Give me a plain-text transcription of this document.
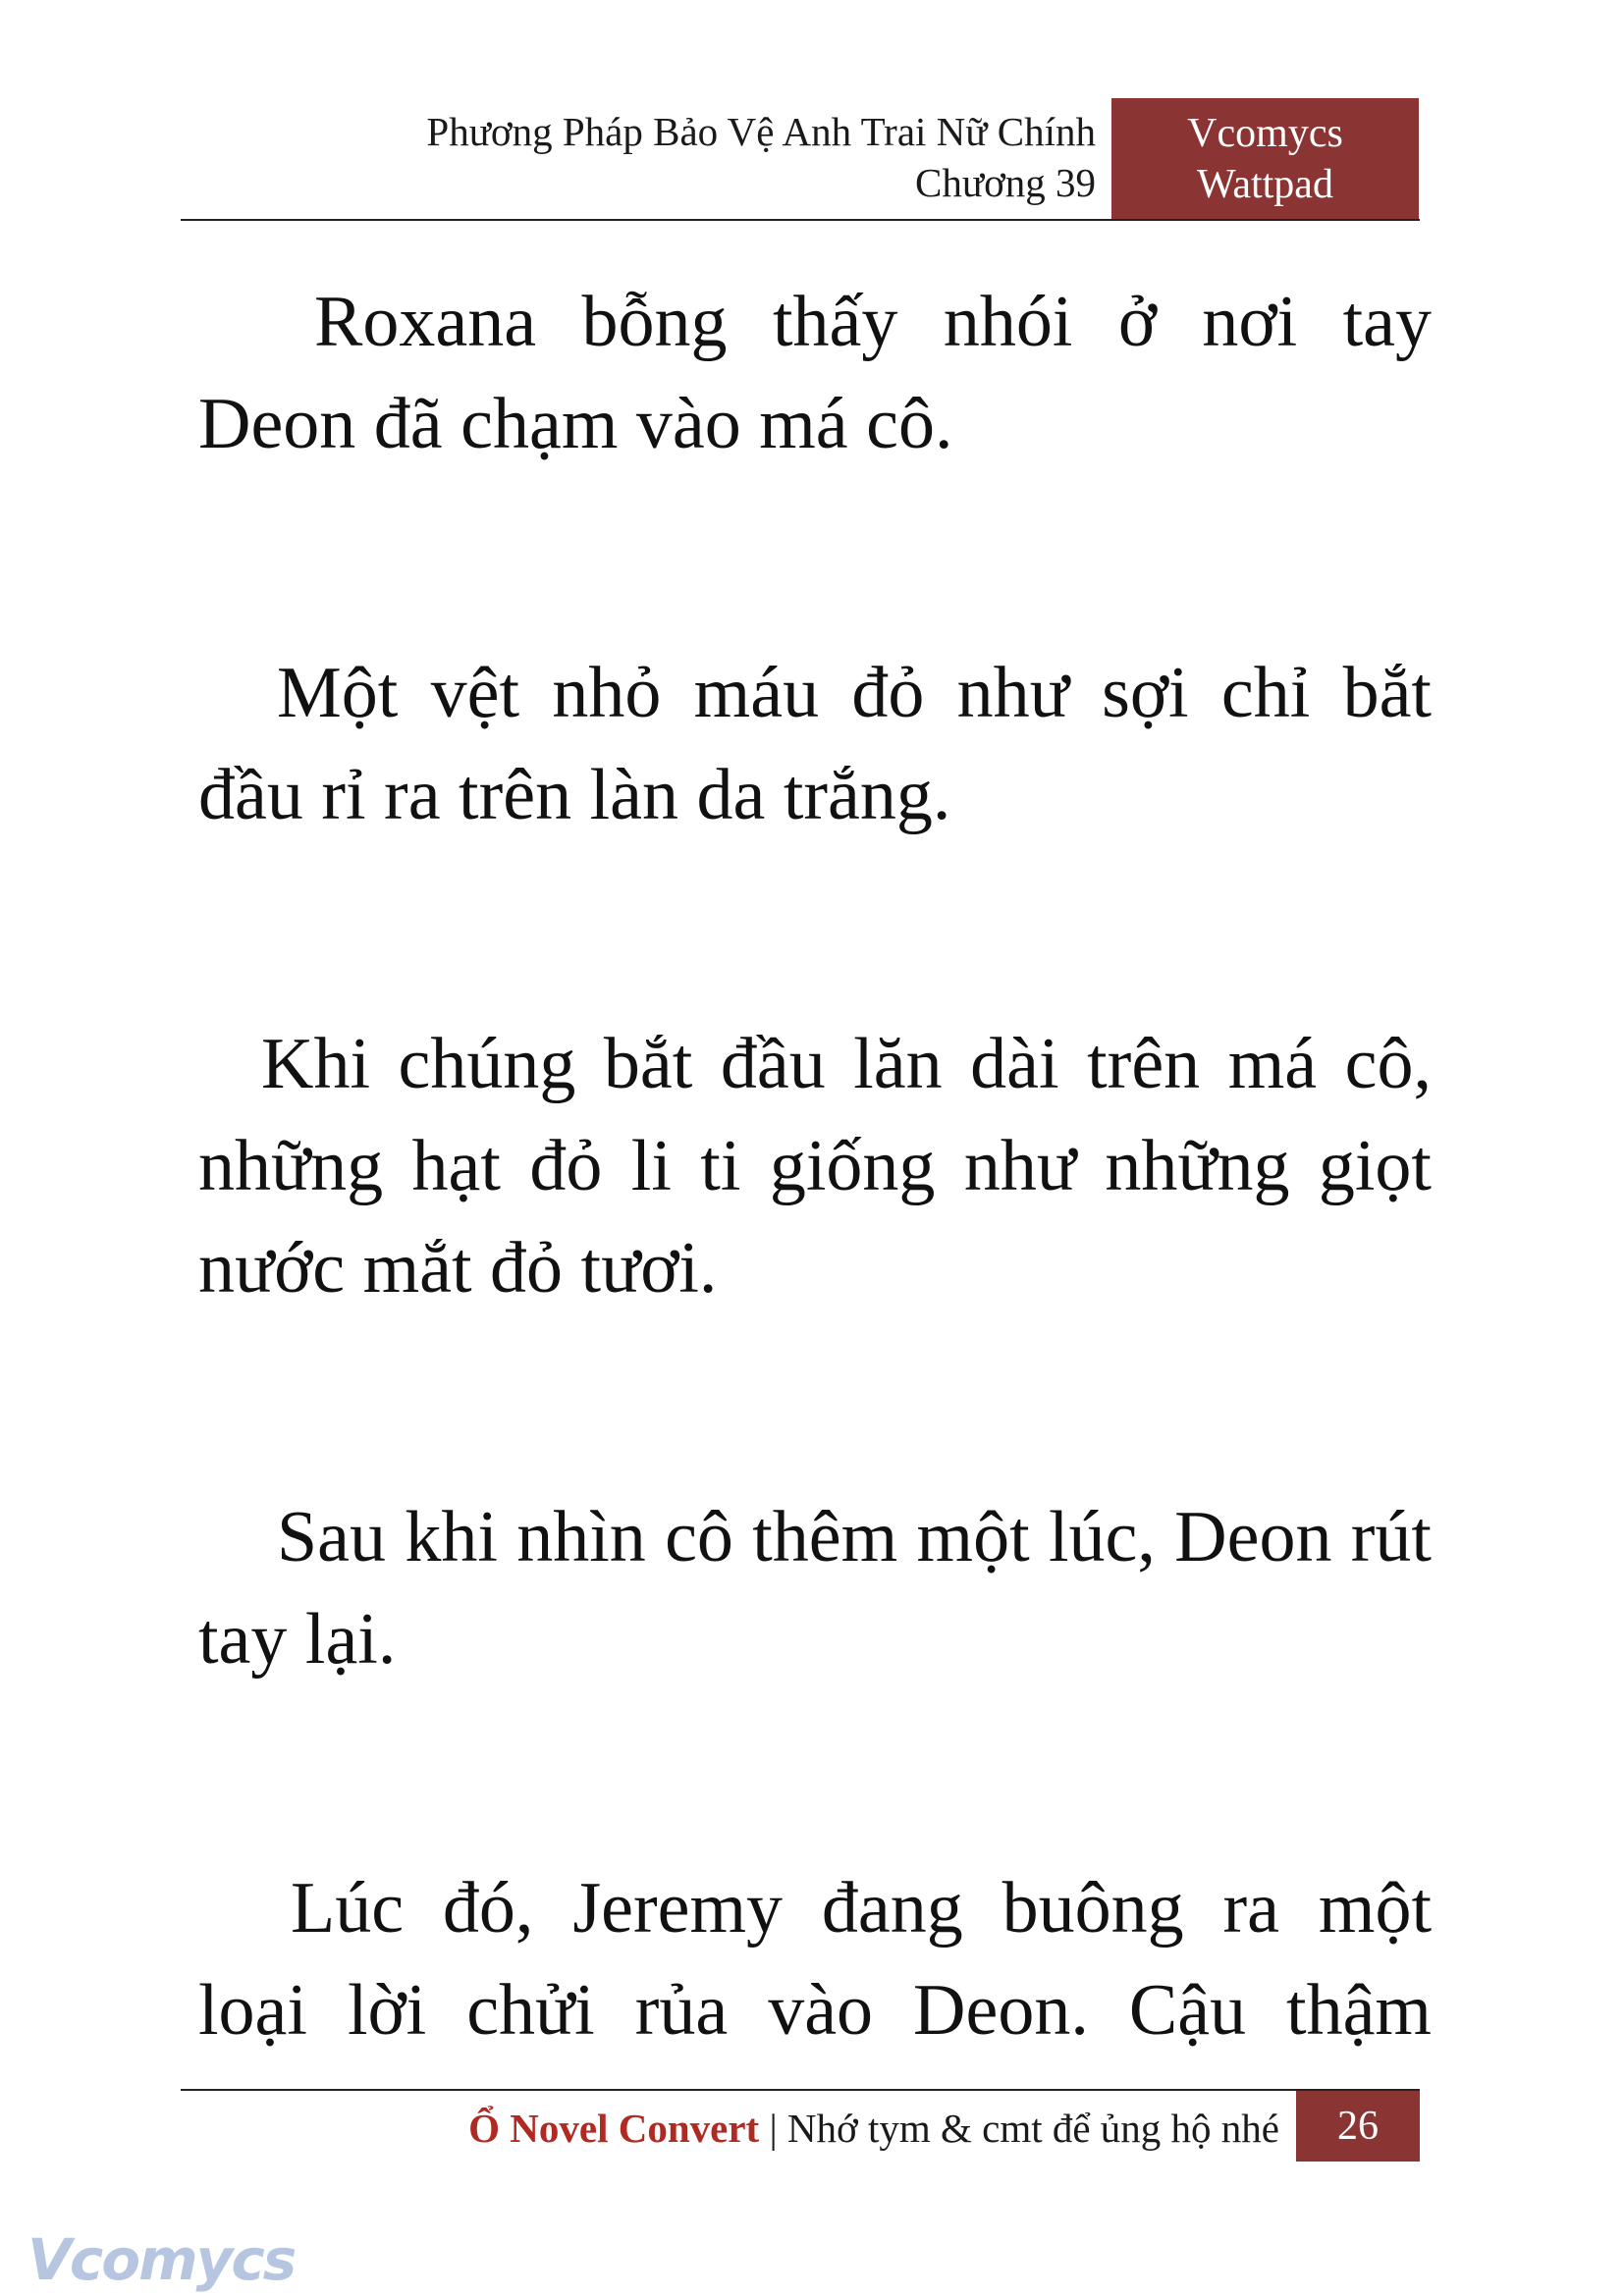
Phương Pháp Bảo Vệ Anh Trai Nữ Chính
Chương 39
Vcomycs
Wattpad

Roxana bỗng thấy nhói ở nơi tay Deon đã chạm vào má cô.

Một vệt nhỏ máu đỏ như sợi chỉ bắt đầu rỉ ra trên làn da trắng.

Khi chúng bắt đầu lăn dài trên má cô, những hạt đỏ li ti giống như những giọt nước mắt đỏ tươi.

Sau khi nhìn cô thêm một lúc, Deon rút tay lại.

Lúc đó, Jeremy đang buông ra một loại lời chửi rủa vào Deon. Cậu thậm

Ổ Novel Convert | Nhớ tym & cmt để ủng hộ nhé	26
Vcomycs
